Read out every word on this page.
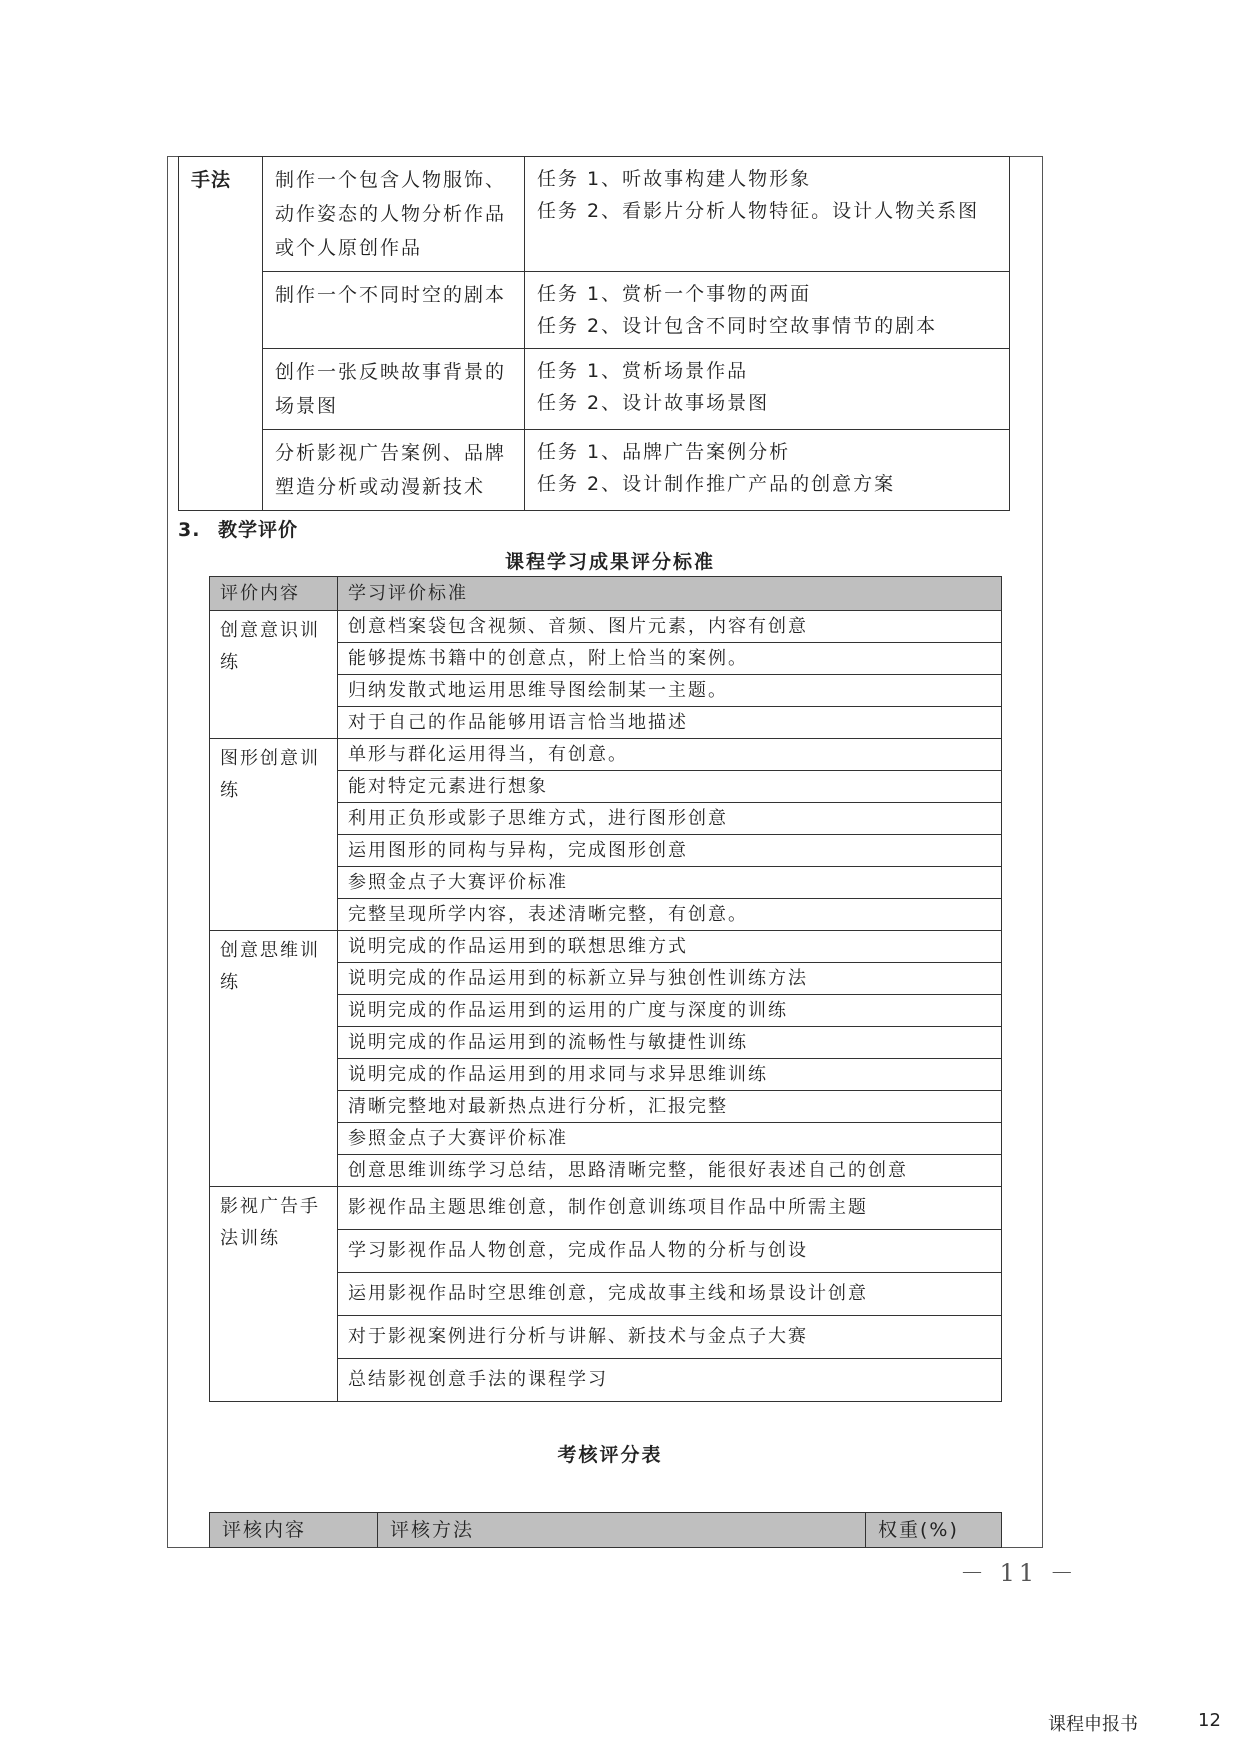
手法	制作一个包含人物服饰、动作姿态的人物分析作品或个人原创作品	任务 1、听故事构建人物形象
任务 2、看影片分析人物特征。设计人物关系图

	制作一个不同时空的剧本	任务 1、赏析一个事物的两面
任务 2、设计包含不同时空故事情节的剧本

	创作一张反映故事背景的场景图	任务 1、赏析场景作品
任务 2、设计故事场景图

	分析影视广告案例、品牌塑造分析或动漫新技术	任务 1、品牌广告案例分析
任务 2、设计制作推广产品的创意方案
3. 教学评价
课程学习成果评分标准
评价内容	学习评价标准
创意意识训练	创意档案袋包含视频、音频、图片元素，内容有创意
	能够提炼书籍中的创意点，附上恰当的案例。
	归纳发散式地运用思维导图绘制某一主题。
	对于自己的作品能够用语言恰当地描述
图形创意训练	单形与群化运用得当，有创意。
	能对特定元素进行想象
	利用正负形或影子思维方式，进行图形创意
	运用图形的同构与异构，完成图形创意
	参照金点子大赛评价标准
	完整呈现所学内容，表述清晰完整，有创意。
创意思维训练	说明完成的作品运用到的联想思维方式
	说明完成的作品运用到的标新立异与独创性训练方法
	说明完成的作品运用到的运用的广度与深度的训练
	说明完成的作品运用到的流畅性与敏捷性训练
	说明完成的作品运用到的用求同与求异思维训练
	清晰完整地对最新热点进行分析，汇报完整
	参照金点子大赛评价标准
	创意思维训练学习总结，思路清晰完整，能很好表述自己的创意
影视广告手法训练	影视作品主题思维创意，制作创意训练项目作品中所需主题
	学习影视作品人物创意，完成作品人物的分析与创设
	运用影视作品时空思维创意，完成故事主线和场景设计创意
	对于影视案例进行分析与讲解、新技术与金点子大赛
	总结影视创意手法的课程学习
考核评分表
评核内容	评核方法	权重(%)
－ 11 －
课程申报书	12
